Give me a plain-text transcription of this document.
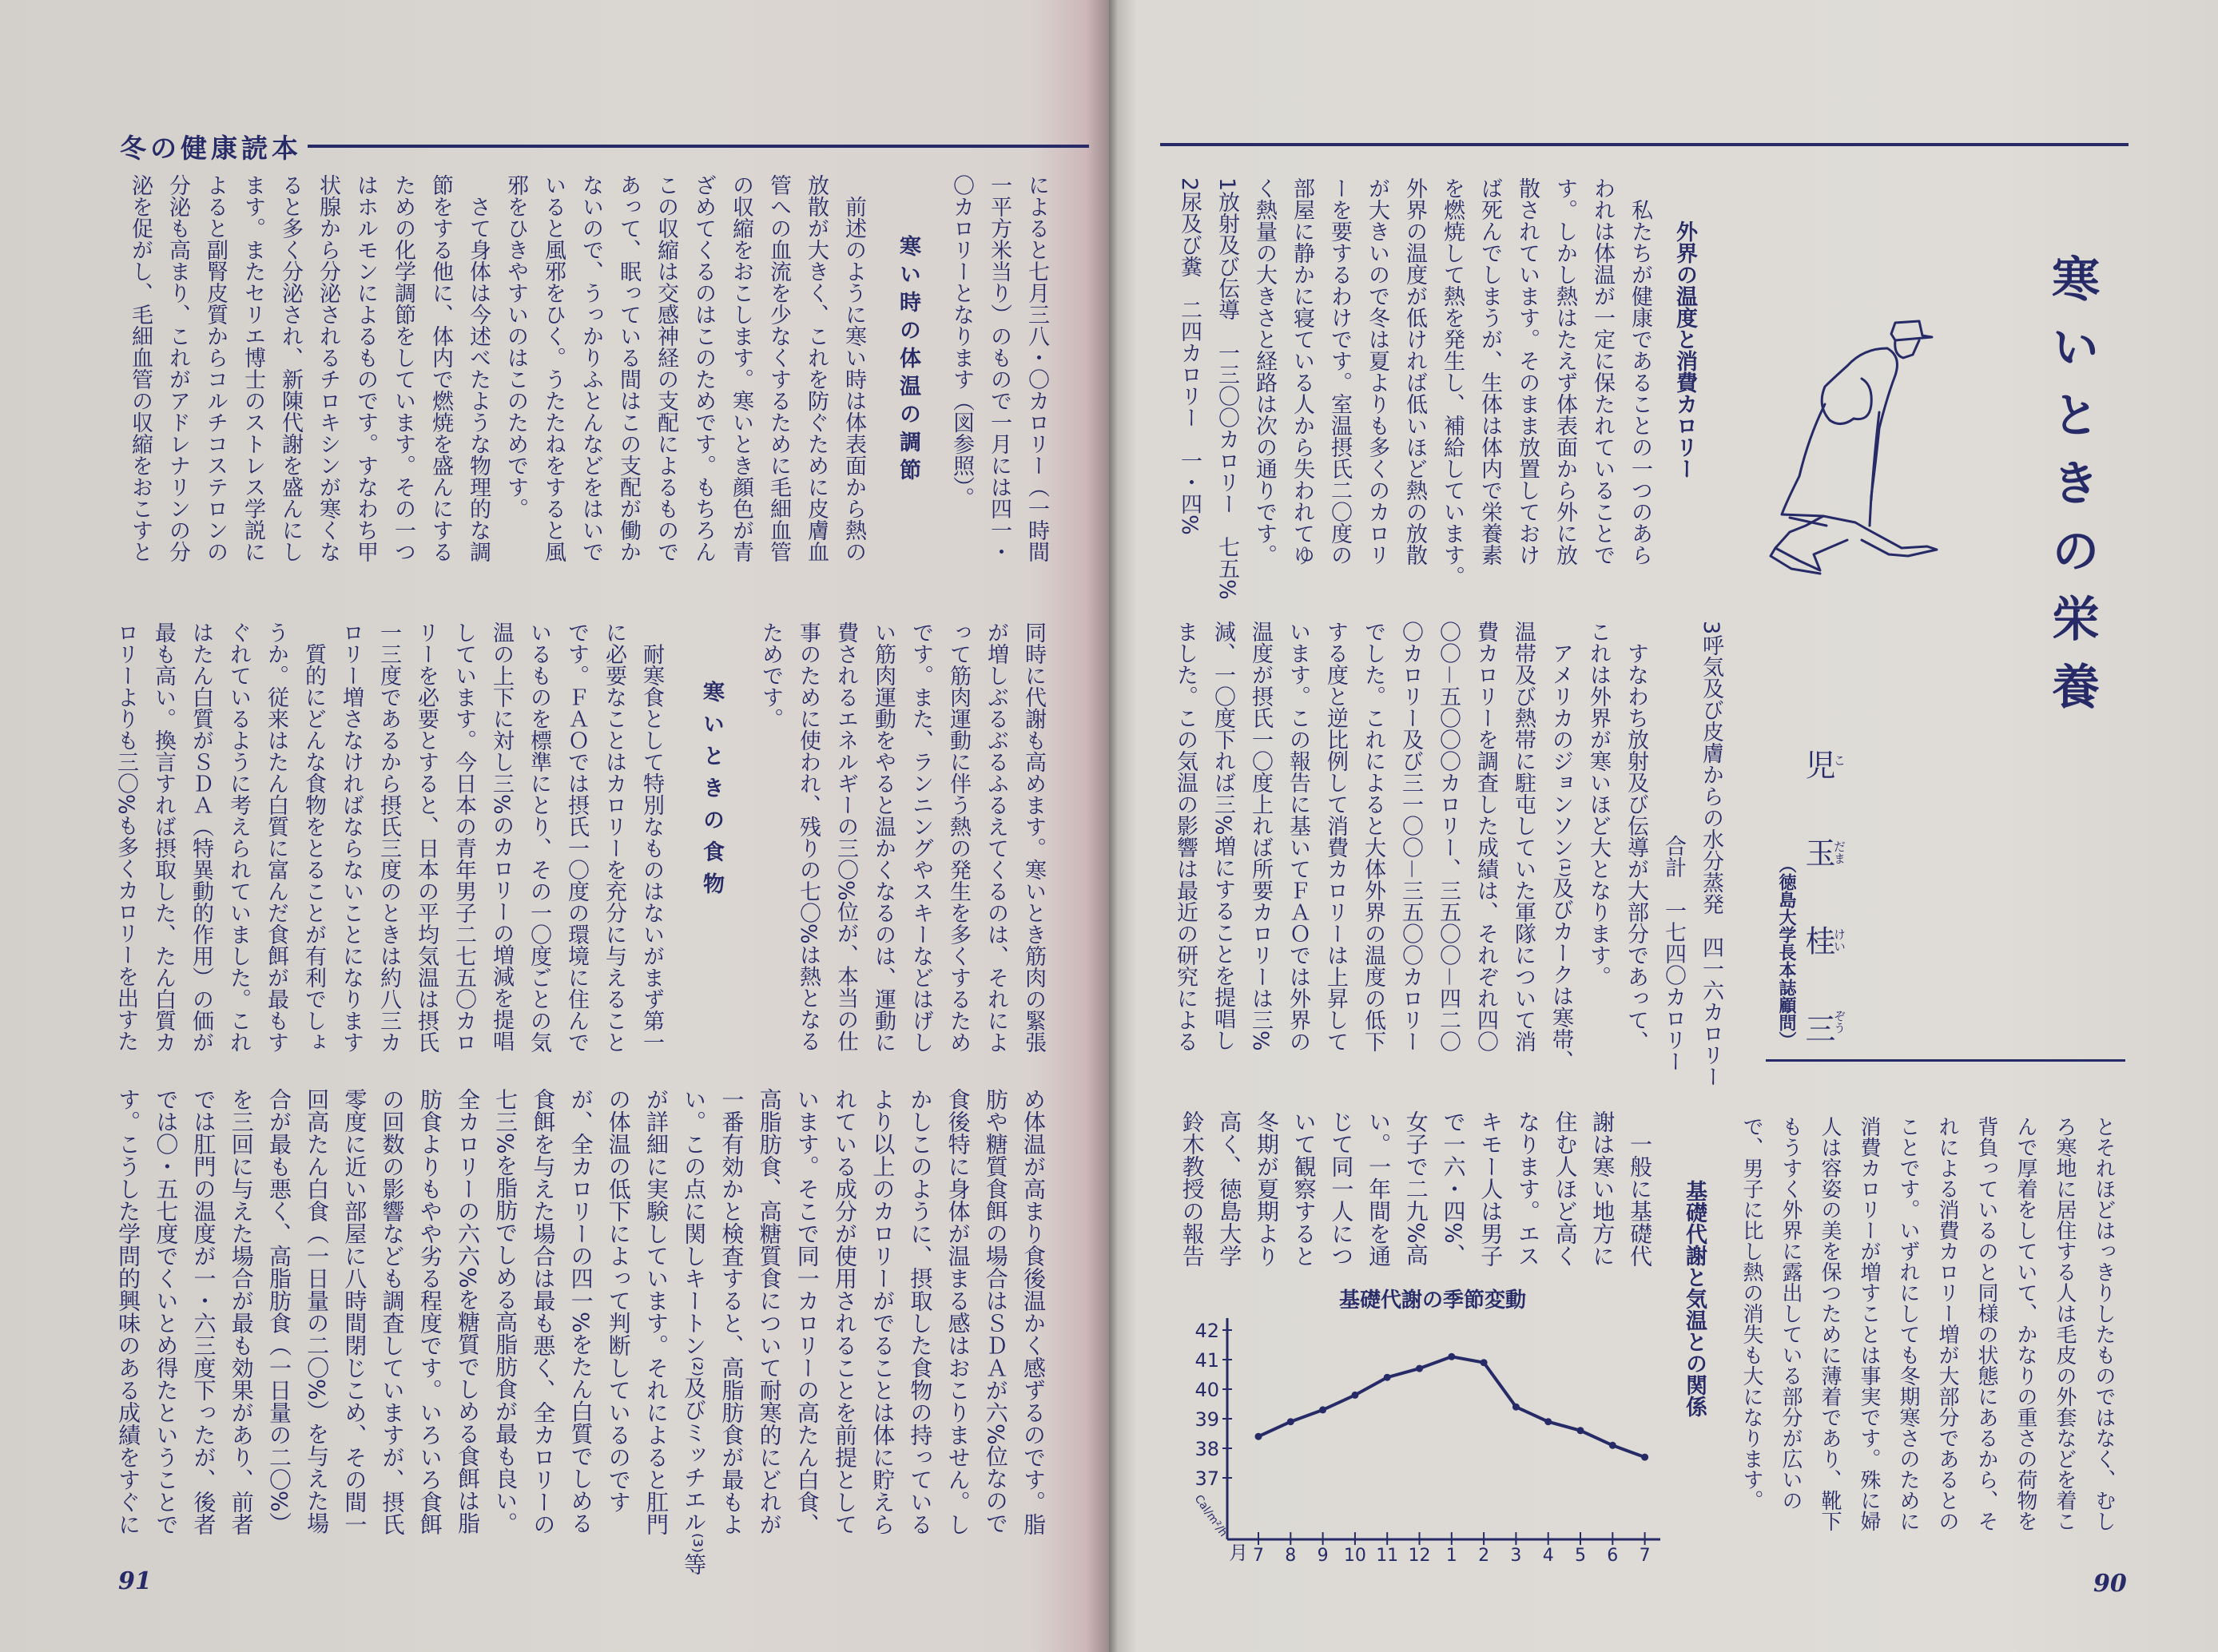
冬の健康読本
91	90
によると七月三八・〇カロリー（一時間
一平方米当り）のもので一月には四一・
〇カロリーとなります（図参照）。
寒い時の体温の調節
　前述のように寒い時は体表面から熱の
放散が大きく、これを防ぐために皮膚血
管への血流を少なくするために毛細血管
の収縮をおこします。寒いとき顔色が青
ざめてくるのはこのためです。もちろん
この収縮は交感神経の支配によるもので
あって、眠っている間はこの支配が働か
ないので、うっかりふとんなどをはいで
いると風邪をひく。うたたねをすると風
邪をひきやすいのはこのためです。
　さて身体は今述べたような物理的な調
節をする他に、体内で燃焼を盛んにする
ための化学調節をしています。その一つ
はホルモンによるものです。すなわち甲
状腺から分泌されるチロキシンが寒くな
ると多く分泌され、新陳代謝を盛んにし
ます。またセリエ博士のストレス学説に
よると副腎皮質からコルチコステロンの
分泌も高まり、これがアドレナリンの分
泌を促がし、毛細血管の収縮をおこすと
同時に代謝も高めます。寒いとき筋肉の緊張
が増しぶるぶるふるえてくるのは、それによ
って筋肉運動に伴う熱の発生を多くするため
です。また、ランニングやスキーなどはげし
い筋肉運動をやると温かくなるのは、運動に
費されるエネルギーの三〇%位が、本当の仕
事のために使われ、残りの七〇%は熱となる
ためです。
寒いときの食物
　耐寒食として特別なものはないがまず第一
に必要なことはカロリーを充分に与えること
です。ＦＡＯでは摂氏一〇度の環境に住んで
いるものを標準にとり、その一〇度ごとの気
温の上下に対し三%のカロリーの増減を提唱
しています。今日本の青年男子二七五〇カロ
リーを必要とすると、日本の平均気温は摂氏
一三度であるから摂氏三度のときは約八三カ
ロリー増さなければならないことになります
　質的にどんな食物をとることが有利でしょ
うか。従来はたん白質に富んだ食餌が最もす
ぐれているように考えられていました。これ
はたん白質がＳＤＡ（特異動的作用）の価が
最も高い。換言すれば摂取した、たん白質カ
ロリーよりも三〇%も多くカロリーを出すた
め体温が高まり食後温かく感ずるのです。脂
肪や糖質食餌の場合はＳＤＡが六%位なので
食後特に身体が温まる感はおこりません。し
かしこのように、摂取した食物の持っている
より以上のカロリーがでることは体に貯えら
れている成分が使用されることを前提として
います。そこで同一カロリーの高たん白食、
高脂肪食、高糖質食について耐寒的にどれが
一番有効かと検査すると、高脂肪食が最もよ
い。この点に関しキートン⁽²⁾及びミッチエル⁽³⁾等
が詳細に実験しています。それによると肛門
の体温の低下によって判断しているのです
が、全カロリーの四一%をたん白質でしめる
食餌を与えた場合は最も悪く、全カロリーの
七三%を脂肪でしめる高脂肪食が最も良い。
全カロリーの六六%を糖質でしめる食餌は脂
肪食よりもやや劣る程度です。いろいろ食餌
の回数の影響なども調査していますが、摂氏
零度に近い部屋に八時間閉じこめ、その間一
回高たん白食（一日量の二〇%）を与えた場
合が最も悪く、高脂肪食（一日量の二〇%）
を三回に与えた場合が最も効果があり、前者
では肛門の温度が一・六三度下ったが、後者
では〇・五七度でくいとめ得たということで
す。こうした学問的興味のある成績をすぐに
外界の温度と消費カロリー
　私たちが健康であることの一つのあら
われは体温が一定に保たれていることで
す。しかし熱はたえず体表面から外に放
散されています。そのまま放置しておけ
ば死んでしまうが、生体は体内で栄養素
を燃焼して熱を発生し、補給しています。
外界の温度が低ければ低いほど熱の放散
が大きいので冬は夏よりも多くのカロリ
ーを要するわけです。室温摂氏二〇度の
部屋に静かに寝ている人から失われてゆ
く熱量の大きさと経路は次の通りです。
1放射及び伝導　一三〇〇カロリー　七五%
2尿及び糞　二四カロリー　一・四%
3呼気及び皮膚からの水分蒸発　四一六カロリー
合計　一七四〇カロリー
　すなわち放射及び伝導が大部分であって、
これは外界が寒いほど大となります。
　アメリカのジョンソン⁽¹⁾及びカークは寒帯、
温帯及び熱帯に駐屯していた軍隊について消
費カロリーを調査した成績は、それぞれ四〇
〇〇－五〇〇〇カロリー、三五〇〇－四二〇
〇カロリー及び三一〇〇－三五〇〇カロリー
でした。これによると大体外界の温度の低下
する度と逆比例して消費カロリーは上昇して
います。この報告に基いてＦＡＯでは外界の
温度が摂氏一〇度上れば所要カロリーは三%
減、一〇度下れば三%増にすることを提唱し
ました。この気温の影響は最近の研究による
とそれほどはっきりしたものではなく、むし
ろ寒地に居住する人は毛皮の外套などを着こ
んで厚着をしていて、かなりの重さの荷物を
背負っているのと同様の状態にあるから、そ
れによる消費カロリー増が大部分であるとの
ことです。いずれにしても冬期寒さのために
消費カロリーが増すことは事実です。殊に婦
人は容姿の美を保つために薄着であり、靴下
もうすく外界に露出している部分が広いの
で、男子に比し熱の消失も大になります。
基礎代謝と気温との関係
　一般に基礎代
謝は寒い地方に
住む人ほど高く
なります。エス
キモー人は男子
で一六・四%、
女子で二九%高
い。一年間を通
じて同一人につ
いて観察すると
冬期が夏期より
高く、徳島大学
鈴木教授の報告
寒いときの栄養
児玉桂三
こ
だま
けい
ぞう
（徳島大学長本誌顧問）
基礎代謝の季節変動
月
Cal/m²/h
37
38
39
40
41
42
7 8 9 10 11 12 1 2 3 4 5 6 7
